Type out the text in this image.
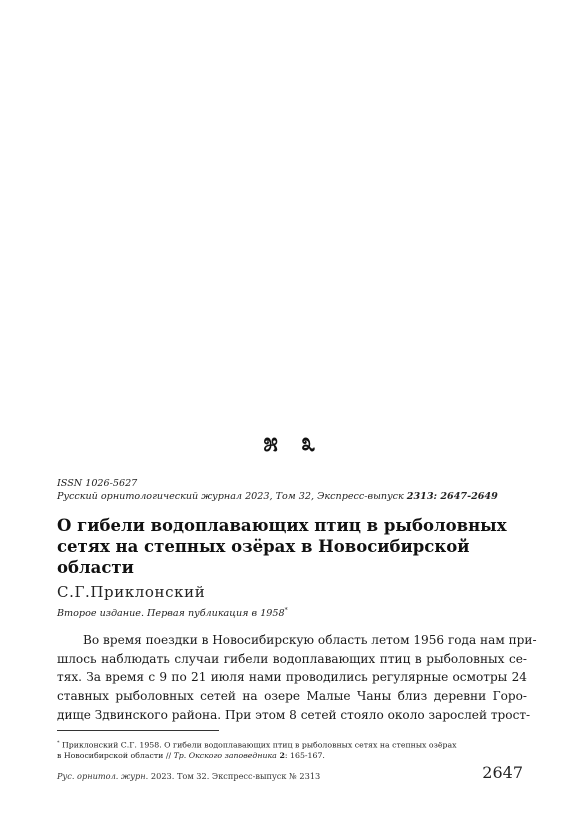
೫ ೩
ISSN 1026-5627
Русский орнитологический журнал 2023, Том 32, Экспресс-выпуск 2313: 2647-2649
О гибели водоплавающих птиц в рыболовных сетях на степных озёрах в Новосибирской области
С.Г.Приклонский
Второе издание. Первая публикация в 1958*
Во время поездки в Новосибирскую область летом 1956 года нам при-
шлось наблюдать случаи гибели водоплавающих птиц в рыболовных се-
тях. За время с 9 по 21 июля нами проводились регулярные осмотры 24
ставных рыболовных сетей на озере Малые Чаны близ деревни Горо-
дище Здвинского района. При этом 8 сетей стояло около зарослей трост-
* Приклонский С.Г. 1958. О гибели водоплавающих птиц в рыболовных сетях на степных озёрах
в Новосибирской области // Тр. Окского заповедника 2: 165-167.
Рус. орнитол. журн. 2023. Том 32. Экспресс-выпуск № 2313	2647
